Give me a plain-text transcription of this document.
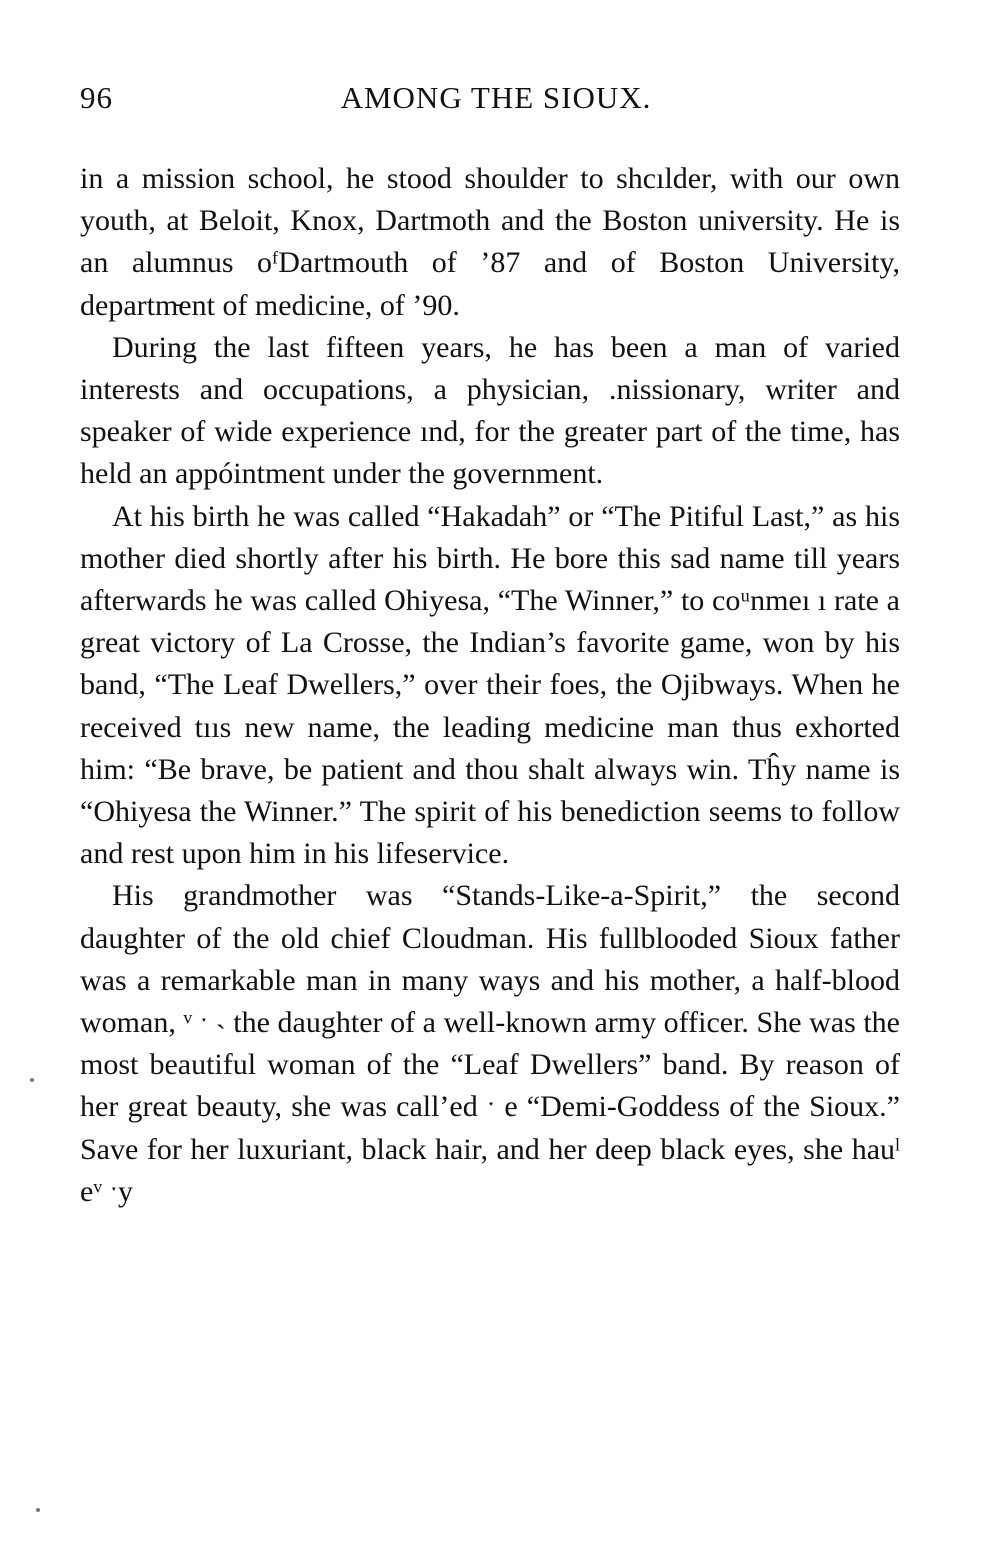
96	AMONG THE SIOUX.

in a mission school, he stood shoulder to shcılder, with our own youth, at Beloit, Knox, Dartmoth and the Boston university. He is an alumnus oᶠDartmouth of ’87 and of Boston University, departm̵ent of medicine, of ’90.

During the last fifteen years, he has been a man of varied interests and occupations, a physician, .nissionary, writer and speaker of wide experience ınd, for the greater part of the time, has held an appóintment under the government.

At his birth he was called “Hakadah” or “The Pitiful Last,” as his mother died shortly after his birth. He bore this sad name till years afterwards he was called Ohiyesa, “The Winner,” to coᵘnmeı ı rate a great victory of La Crosse, the Indian’s favorite game, won by his band, “The Leaf Dwellers,” over their foes, the Ojibways. When he received tııs new name, the leading medicine man thus exhorted him: “Be brave, be patient and thou shalt always win. Tĥy name is “Ohiyesa the Winner.” The spirit of his benediction seems to follow and rest upon him in his lifeservice.

His grandmother was “Stands-Like-a-Spirit,” the second daughter of the old chief Cloudman. His fullblooded Sioux father was a remarkable man in many ways and his mother, a half-blood woman, ᵛ ˑ ˴ the daughter of a well-known army officer. She was the most beautiful woman of the “Leaf Dwellers” band. By reason of her great beauty, she was call’ed ˑ e “Demi-Goddess of the Sioux.” Save for her luxuriant, black hair, and her deep black eyes, she hauˡ eᵛ ˑy
